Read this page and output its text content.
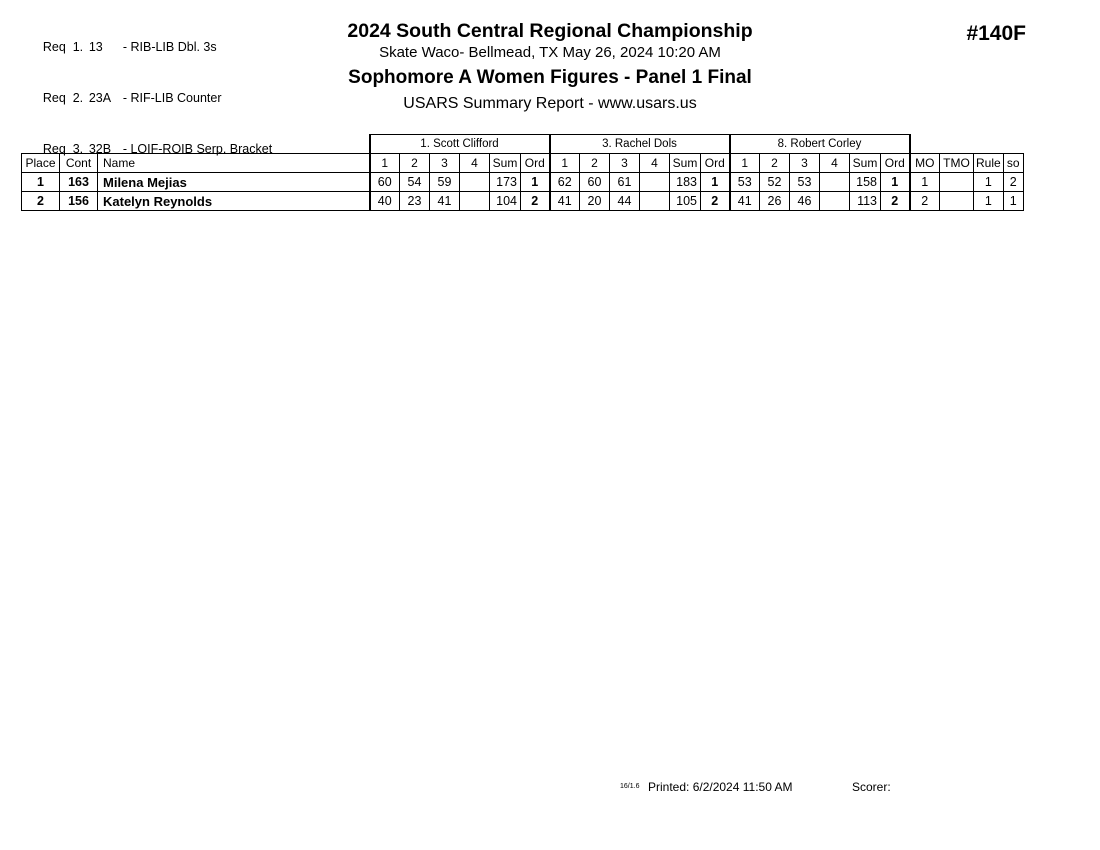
Req  1. 13 - RIB-LIB Dbl. 3s

Req  2. 23A - RIF-LIB Counter

Req  3. 32B - LOIF-ROIB Serp. Bracket

2024 South Central Regional Championship
Skate Waco- Bellmead, TX May 26, 2024 10:20 AM
Sophomore A Women Figures - Panel 1 Final
USARS Summary Report - www.usars.us
#140F
			1. Scott Clifford						3. Rachel Dols						8. Robert Corley									
Place	Cont	Name	1	2	3	4	Sum	Ord	1	2	3	4	Sum	Ord	1	2	3	4	Sum	Ord	MO	TMO	Rule	so
1	163	Milena Mejias	60	54	59		173	1	62	60	61		183	1	53	52	53		158	1	1		1	2
2	156	Katelyn Reynolds	40	23	41		104	2	41	20	44		105	2	41	26	46		113	2	2		1	1
16/1.6 Printed: 6/2/2024 11:50 AM	Scorer:
